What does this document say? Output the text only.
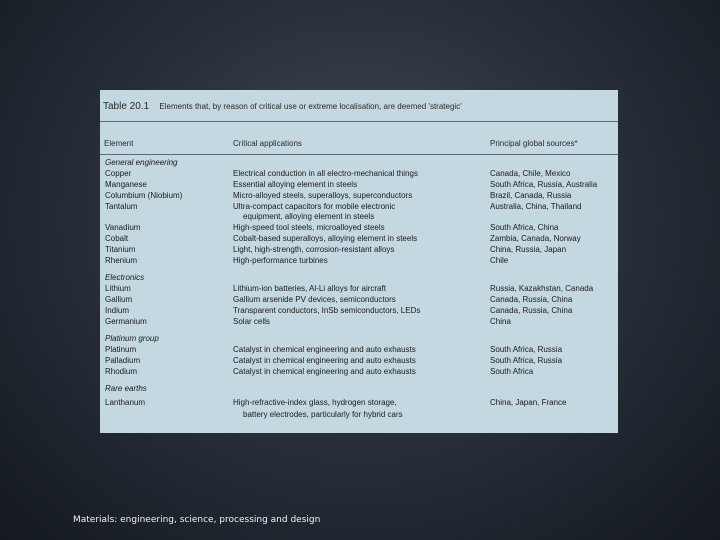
Table 20.1 Elements that, by reason of critical use or extreme localisation, are deemed 'strategic'
Element	Critical applications	Principal global sources*
General engineering
Copper	Electrical conduction in all electro-mechanical things	Canada, Chile, Mexico
Manganese	Essential alloying element in steels	South Africa, Russia, Australia
Columbium (Niobium)	Micro-alloyed steels, superalloys, superconductors	Brazil, Canada, Russia
Tantalum	Ultra-compact capacitors for mobile electronic	Australia, China, Thailand
equipment, alloying element in steels
Vanadium	High-speed tool steels, microalloyed steels	South Africa, China
Cobalt	Cobalt-based superalloys, alloying element in steels	Zambia, Canada, Norway
Titanium	Light, high-strength, corrosion-resistant alloys	China, Russia, Japan
Rhenium	High-performance turbines	Chile
Electronics
Lithium	Lithium-ion batteries, Al-Li alloys for aircraft	Russia, Kazakhstan, Canada
Gallium	Gallium arsenide PV devices, semiconductors	Canada, Russia, China
Indium	Transparent conductors, InSb semiconductors, LEDs	Canada, Russia, China
Germanium	Solar cells	China
Platinum group
Platinum	Catalyst in chemical engineering and auto exhausts	South Africa, Russia
Palladium	Catalyst in chemical engineering and auto exhausts	South Africa, Russia
Rhodium	Catalyst in chemical engineering and auto exhausts	South Africa
Rare earths
Lanthanum	High-refractive-index glass, hydrogen storage,	China, Japan, France
battery electrodes, particularly for hybrid cars
Materials: engineering, science, processing and design
